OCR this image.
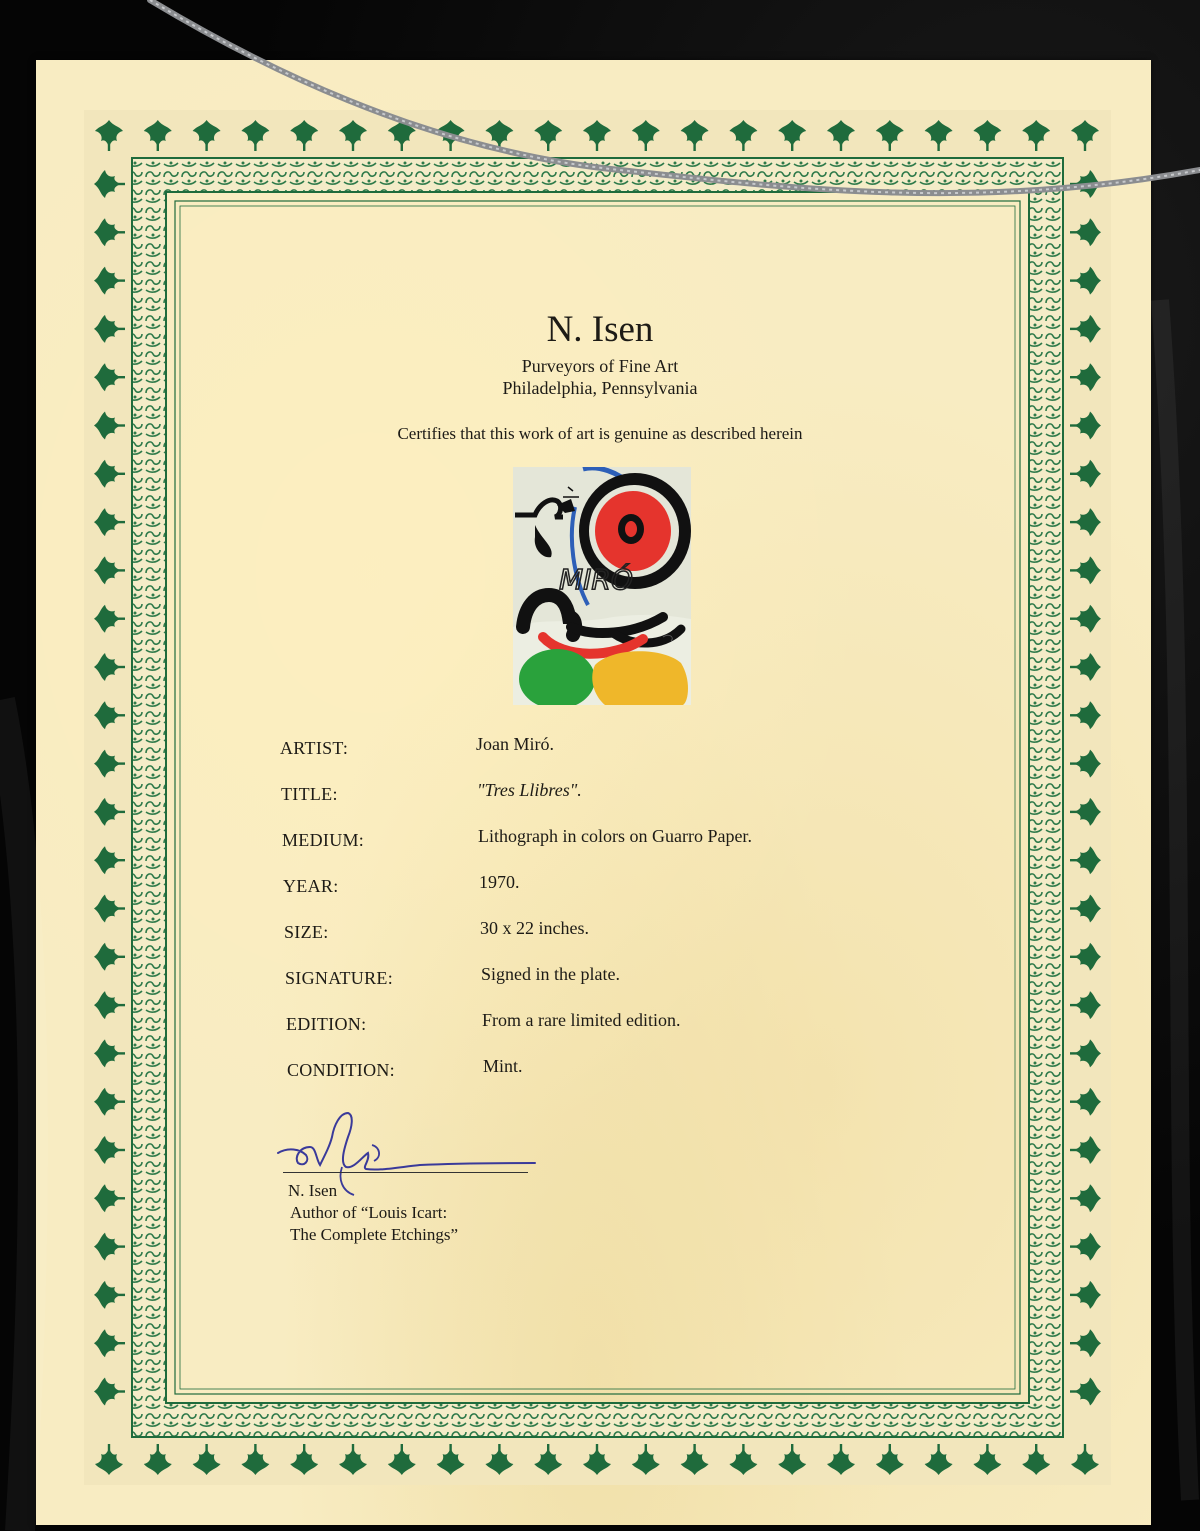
N. Isen
Purveyors of Fine Art
Philadelphia, Pennsylvania
Certifies that this work of art is genuine as described herein
MIRÓ
ARTIST:	Joan Miró.
TITLE:	"Tres Llibres".
MEDIUM:	Lithograph in colors on Guarro Paper.
YEAR:	1970.
SIZE:	30 x 22 inches.
SIGNATURE:	Signed in the plate.
EDITION:	From a rare limited edition.
CONDITION:	Mint.
N. Isen
Author of “Louis Icart:
The Complete Etchings”
